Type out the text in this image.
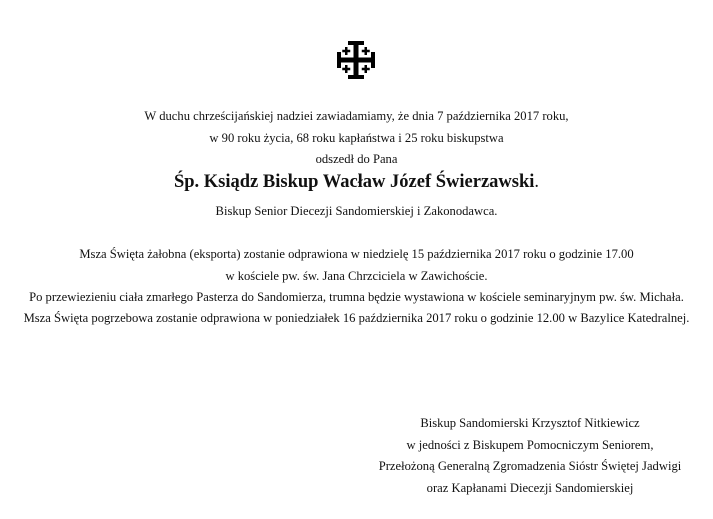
W duchu chrześcijańskiej nadziei zawiadamiamy, że dnia 7 października 2017 roku,
w 90 roku życia, 68 roku kapłaństwa i 25 roku biskupstwa
odszedł do Pana
Śp. Ksiądz Biskup Wacław Józef Świerzawski.
Biskup Senior Diecezji Sandomierskiej i Zakonodawca.
Msza Święta żałobna (eksporta) zostanie odprawiona w niedzielę 15 października 2017 roku o godzinie 17.00
w kościele pw. św. Jana Chrzciciela w Zawichoście.
Po przewiezieniu ciała zmarłego Pasterza do Sandomierza, trumna będzie wystawiona w kościele seminaryjnym pw. św. Michała.
Msza Święta pogrzebowa zostanie odprawiona w poniedziałek 16 października 2017 roku o godzinie 12.00 w Bazylice Katedralnej.
Biskup Sandomierski Krzysztof Nitkiewicz
w jedności z Biskupem Pomocniczym Seniorem,
Przełożoną Generalną Zgromadzenia Sióstr Świętej Jadwigi
oraz Kapłanami Diecezji Sandomierskiej
